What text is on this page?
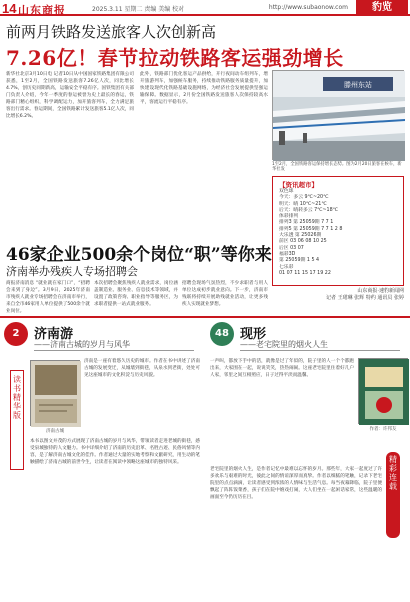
14 山东商报	2025.3.11 星期二 责编 美编 校对	http://www.subaonow.com	豹览
前两月铁路发送旅客人次创新高
7.26亿！春节拉动铁路客运强劲增长
新华社北京3月10日电 记者10日从中国国家铁路集团有限公司获悉，1至2月，全国铁路发送旅客7.26亿人次，同比增长4.7%，创历史同期新高，运输安全平稳有序。国铁集团有关部门负责人介绍，今年一季度的春运被誉为史上最长的春运，铁路部门精心组织，科学调配运力，加开旅客列车，全力满足旅客出行需求。春运期间，全国铁路累计发送旅客5.1亿人次，同比增长6.2%。
此外，铁路部门优化客运产品供给，开行夜间动车组列车，增开旅游列车，加强候车服务，持续推动铁路服务质量提升，加快建设现代化铁路基础设施网络，为经济社会发展提供坚强运输保障。数据显示，2月份全国铁路发送旅客人次保持较高水平，客流运行平稳有序。
滕州东站
1至2月，全国铁路客运保持增长态势。图为2月20日旅客在候车，新华社发
【资讯超市】
双色球
今天：多云 9℃~20℃
明天：晴 10℃~21℃
后天：晴转多云 7℃~18℃
体彩排列
排列3 第 25059期 7 7 1
排列5 第 25059期 7 7 1 2 8
大乐透 第 25026期
前区 03 06 08 10 25
后区 03 07
福彩3D
第 25059期 1 5 4
七乐彩
01 07 11 15 17 19 22
山东商报·速豹新闻网
记者 王珺琳 张辉 特约 通讯员 张婷
46家企业500余个岗位“职”等你来
济南举办残疾人专场招聘会
商报济南消息 “就业就在家门口”，“招聘会来到了身边”。3月9日，2025年济南市残疾人就业专场招聘会在济南市举行，来自全市46家用人单位提供了500余个就业岗位。
本次招聘会聚焦残疾人就业需求，岗位涵盖制造业、服务业、信息技术等领域，并设置了政策咨询、职业指导等服务区，为求职者提供一站式就业服务。
招聘会现场气氛热烈，不少求职者与用人单位达成初步就业意向。下一步，济南市残联将持续开展助残就业活动，让更多残疾人实现就业梦想。
2	济南游
——济南古城的岁月与风华
读书精华版
济南古城
济南是一座有着悠久历史的城市。作者在书中讲述了济南古城的发展变迁，从城墙到街巷，从泉水到老街，处处可见这座城市的文化积淀与历史风貌。
本书以图文并茂的方式展现了济南古城的岁月与风华，带领读者走进老城的街巷，感受泉城独特的人文魅力。书中详细介绍了济南的历史沿革、名胜古迹、民俗风情等内容，是了解济南古城文化的佳作。作者通过大量的实地考察和文献研究，用生动的笔触描绘了济南古城的前世今生，让读者在阅读中领略这座城市的独特风采。
48 现形
——老宅院里的烟火人生
一声叫，都放下手中的活，就像是过了年似的，院子里的人一个个都跑出来，大家围在一起，说说笑笑，热热闹闹。这座老宅院里住着好几户人家，邻里之间互相照应，日子过得平淡而温馨。
作者：许邦友
精彩连载
老宅院里的烟火人生，是作者记忆中最难以忘怀的岁月。那些年，大家一起度过了许多欢乐与艰难的时光，彼此之间的情谊深厚而真挚。作者以细腻的笔触，记录下老宅院里的点点滴滴，让读者感受到浓浓的人情味与生活气息。每当夜幕降临，院子里便飘起了阵阵饭菜香，孩子们在院中嬉戏打闹，大人们坐在一起闲话家常，这些温暖的画面至今仍历历在目。
